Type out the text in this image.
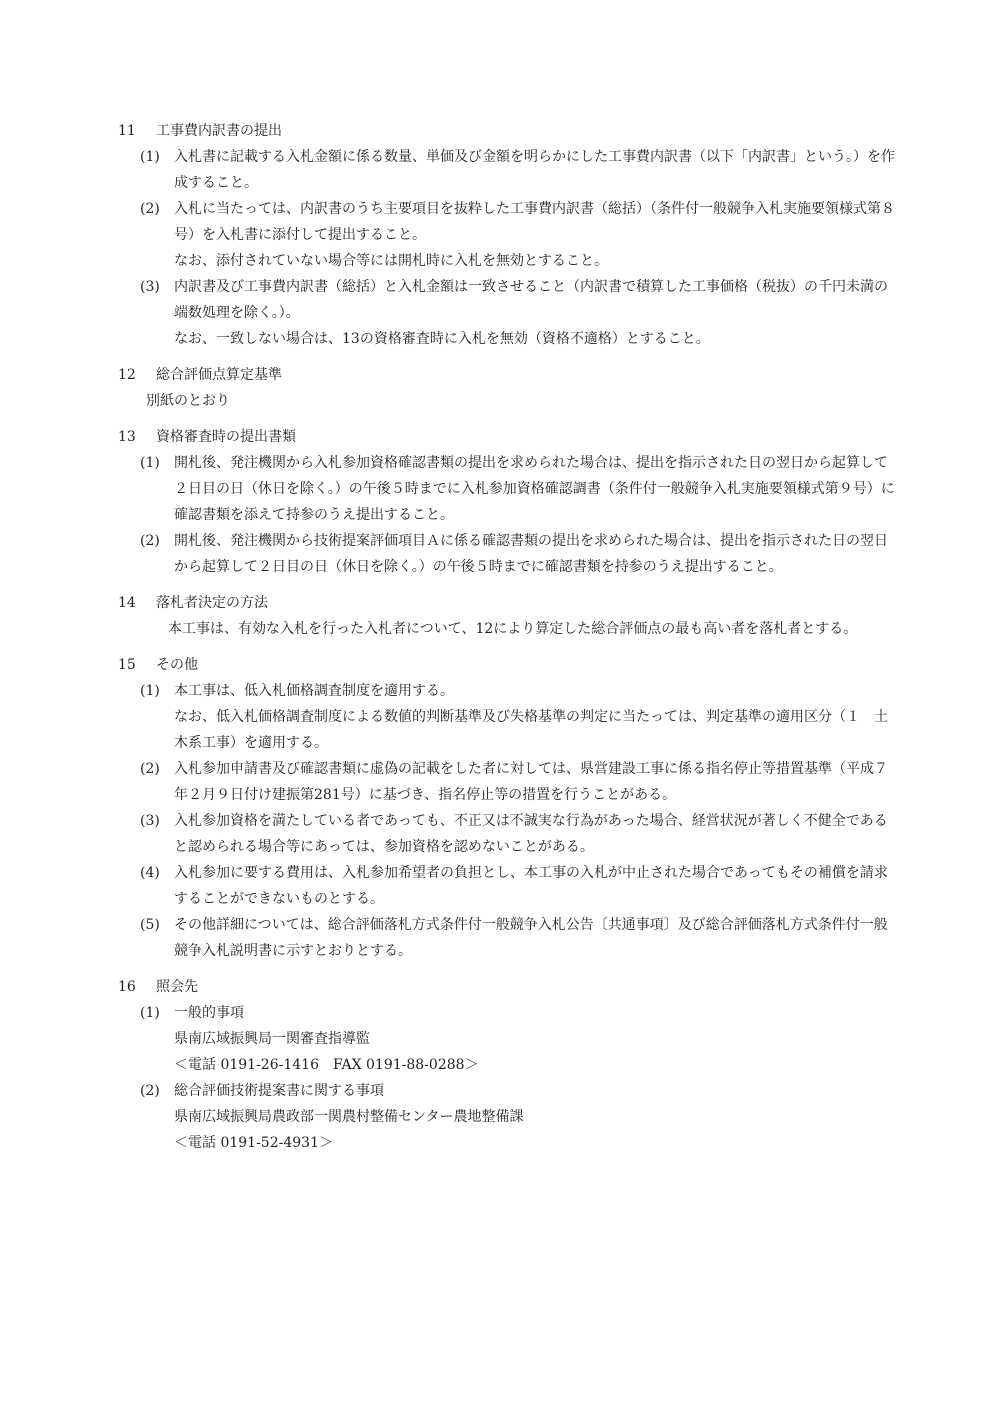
11	工事費内訳書の提出
(1)	入札書に記載する入札金額に係る数量、単価及び金額を明らかにした工事費内訳書（以下「内訳書」という。）を作成すること。
(2)	入札に当たっては、内訳書のうち主要項目を抜粋した工事費内訳書（総括）（条件付一般競争入札実施要領様式第８号）を入札書に添付して提出すること。
なお、添付されていない場合等には開札時に入札を無効とすること。
(3)	内訳書及び工事費内訳書（総括）と入札金額は一致させること（内訳書で積算した工事価格（税抜）の千円未満の端数処理を除く。）。
なお、一致しない場合は、13の資格審査時に入札を無効（資格不適格）とすること。
12	総合評価点算定基準
別紙のとおり
13	資格審査時の提出書類
(1)	開札後、発注機関から入札参加資格確認書類の提出を求められた場合は、提出を指示された日の翌日から起算して２日目の日（休日を除く。）の午後５時までに入札参加資格確認調書（条件付一般競争入札実施要領様式第９号）に確認書類を添えて持参のうえ提出すること。
(2)	開札後、発注機関から技術提案評価項目Ａに係る確認書類の提出を求められた場合は、提出を指示された日の翌日から起算して２日目の日（休日を除く。）の午後５時までに確認書類を持参のうえ提出すること。
14	落札者決定の方法
本工事は、有効な入札を行った入札者について、12により算定した総合評価点の最も高い者を落札者とする。
15	その他
(1)	本工事は、低入札価格調査制度を適用する。
なお、低入札価格調査制度による数値的判断基準及び失格基準の判定に当たっては、判定基準の適用区分（１　土木系工事）を適用する。
(2)	入札参加申請書及び確認書類に虚偽の記載をした者に対しては、県営建設工事に係る指名停止等措置基準（平成７年２月９日付け建振第281号）に基づき、指名停止等の措置を行うことがある。
(3)	入札参加資格を満たしている者であっても、不正又は不誠実な行為があった場合、経営状況が著しく不健全であると認められる場合等にあっては、参加資格を認めないことがある。
(4)	入札参加に要する費用は、入札参加希望者の負担とし、本工事の入札が中止された場合であってもその補償を請求することができないものとする。
(5)	その他詳細については、総合評価落札方式条件付一般競争入札公告〔共通事項〕及び総合評価落札方式条件付一般競争入札説明書に示すとおりとする。
16	照会先
(1)	一般的事項
県南広域振興局一関審査指導監
＜電話 0191-26-1416　FAX 0191-88-0288＞
(2)	総合評価技術提案書に関する事項
県南広域振興局農政部一関農村整備センター農地整備課
＜電話 0191-52-4931＞
